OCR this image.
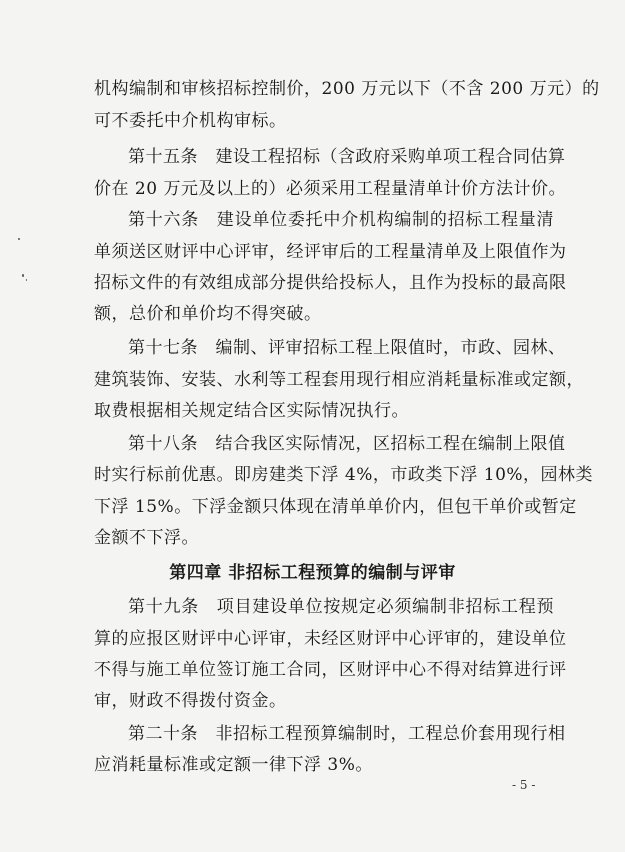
机构编制和审核招标控制价，200 万元以下（不含 200 万元）的
可不委托中介机构审标。
第十五条　建设工程招标（含政府采购单项工程合同估算
价在 20 万元及以上的）必须采用工程量清单计价方法计价。
第十六条　建设单位委托中介机构编制的招标工程量清
单须送区财评中心评审，经评审后的工程量清单及上限值作为
招标文件的有效组成部分提供给投标人，且作为投标的最高限
额，总价和单价均不得突破。
第十七条　编制、评审招标工程上限值时，市政、园林、
建筑装饰、安装、水利等工程套用现行相应消耗量标准或定额，
取费根据相关规定结合区实际情况执行。
第十八条　结合我区实际情况，区招标工程在编制上限值
时实行标前优惠。即房建类下浮 4%，市政类下浮 10%，园林类
下浮 15%。下浮金额只体现在清单单价内，但包干单价或暂定
金额不下浮。
第四章 非招标工程预算的编制与评审
第十九条　项目建设单位按规定必须编制非招标工程预
算的应报区财评中心评审，未经区财评中心评审的，建设单位
不得与施工单位签订施工合同，区财评中心不得对结算进行评
审，财政不得拨付资金。
第二十条　非招标工程预算编制时，工程总价套用现行相
应消耗量标准或定额一律下浮 3%。
- 5 -
